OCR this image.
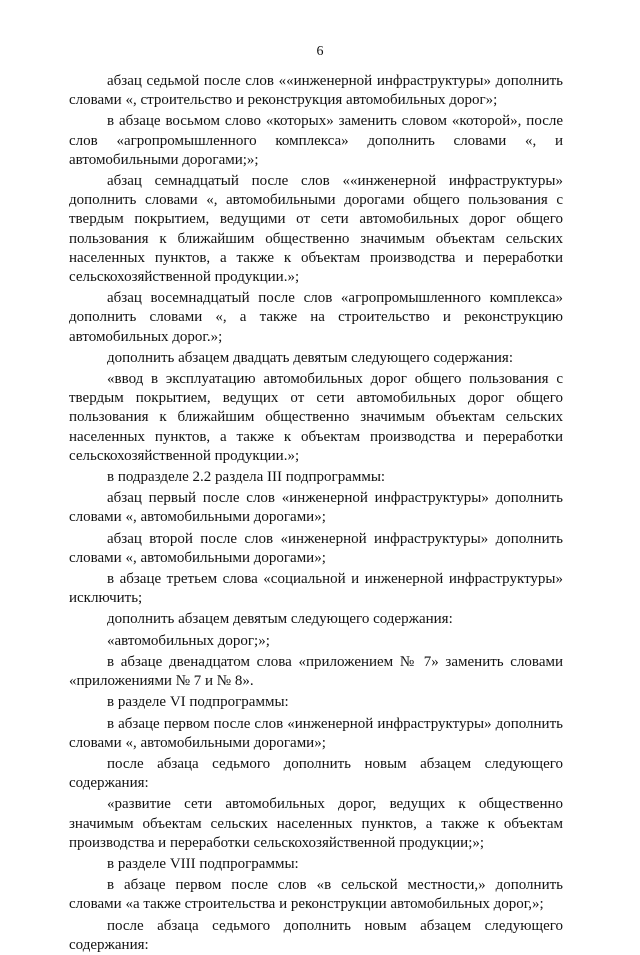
6

абзац седьмой после слов ««инженерной инфраструктуры» дополнить словами «, строительство и реконструкция автомобильных дорог»;

в абзаце восьмом слово «которых» заменить словом «которой», после слов «агропромышленного комплекса» дополнить словами «, и автомобильными дорогами;»;

абзац семнадцатый после слов ««инженерной инфраструктуры» дополнить словами «, автомобильными дорогами общего пользования с твердым покрытием, ведущими от сети автомобильных дорог общего пользования к ближайшим общественно значимым объектам сельских населенных пунктов, а также к объектам производства и переработки сельскохозяйственной продукции.»;

абзац восемнадцатый после слов «агропромышленного комплекса» дополнить словами «, а также на строительство и реконструкцию автомобильных дорог.»;

дополнить абзацем двадцать девятым следующего содержания:

«ввод в эксплуатацию автомобильных дорог общего пользования с твердым покрытием, ведущих от сети автомобильных дорог общего пользования к ближайшим общественно значимым объектам сельских населенных пунктов, а также к объектам производства и переработки сельскохозяйственной продукции.»;

в подразделе 2.2 раздела III подпрограммы:

абзац первый после слов «инженерной инфраструктуры» дополнить словами «, автомобильными дорогами»;

абзац второй после слов «инженерной инфраструктуры» дополнить словами «, автомобильными дорогами»;

в абзаце третьем слова «социальной и инженерной инфраструктуры» исключить;

дополнить абзацем девятым следующего содержания:

«автомобильных дорог;»;

в абзаце двенадцатом слова «приложением № 7» заменить словами «приложениями № 7 и № 8».

в разделе VI подпрограммы:

в абзаце первом после слов «инженерной инфраструктуры» дополнить словами «, автомобильными дорогами»;

после абзаца седьмого дополнить новым абзацем следующего содержания:

«развитие сети автомобильных дорог, ведущих к общественно значимым объектам сельских населенных пунктов, а также к объектам производства и переработки сельскохозяйственной продукции;»;

в разделе VIII подпрограммы:

в абзаце первом после слов «в сельской местности,» дополнить словами «а также строительства и реконструкции автомобильных дорог,»;

после абзаца седьмого дополнить новым абзацем следующего содержания:
